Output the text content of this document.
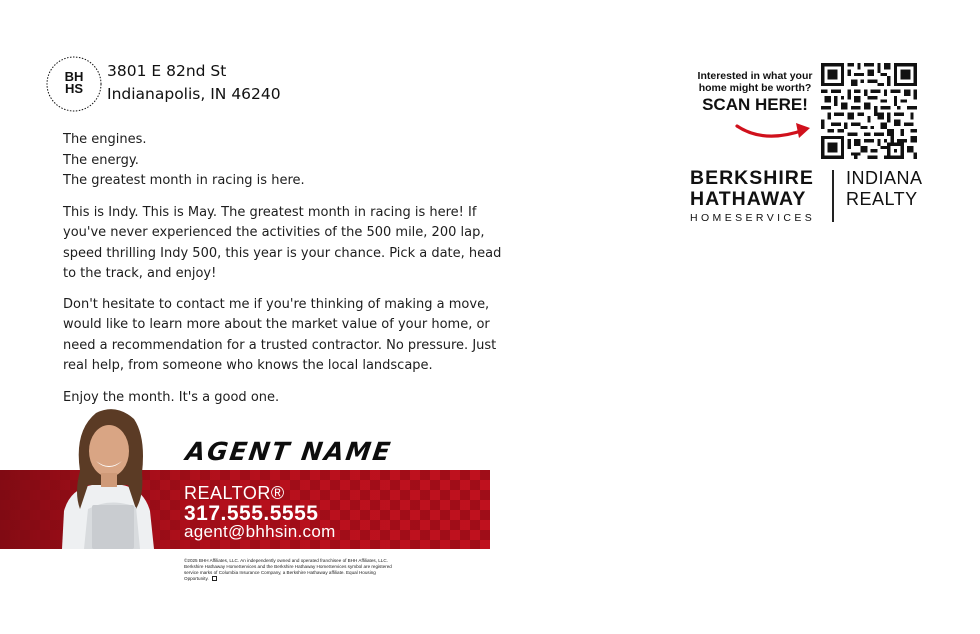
BH
HS
3801 E 82nd St
Indianapolis, IN 46240

The engines.

The energy.

The greatest month in racing is here.

This is Indy. This is May. The greatest month in racing is here! If you've never experienced the activities of the 500 mile, 200 lap, speed thrilling Indy 500, this year is your chance. Pick a date, head to the track, and enjoy!

Don't hesitate to contact me if you're thinking of making a move, would like to learn more about the market value of your home, or need a recommendation for a trusted contractor. No pressure. Just real help, from someone who knows the local landscape.

Enjoy the month. It's a good one.

AGENT NAME
REALTOR®
317.555.5555
agent@bhhsin.com
©2025 BHH Affiliates, LLC. An independently owned and operated franchisee of BHH Affiliates, LLC. Berkshire Hathaway HomeServices and the Berkshire Hathaway HomeServices symbol are registered service marks of Columbia Insurance Company, a Berkshire Hathaway affiliate. Equal Housing Opportunity.
Interested in what your
home might be worth?
SCAN HERE!
BERKSHIRE
HATHAWAY
HOMESERVICES
INDIANA
REALTY
